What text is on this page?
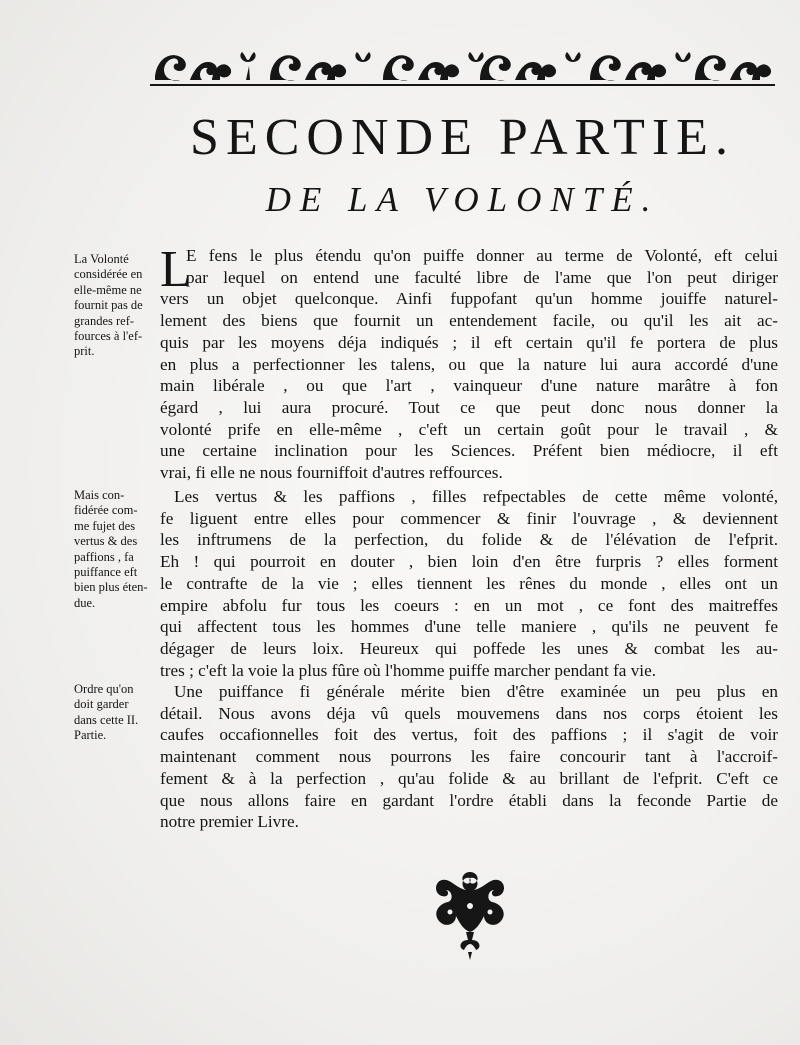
SECONDE PARTIE.
DE LA VOLONTÉ.
La Volonté
considérée en
elle-même ne
fournit pas de
grandes ref-
fources à l'ef-
prit.
Mais con-
fidérée com-
me fujet des
vertus & des
paffions , fa
puiffance eft
bien plus éten-
due.
Ordre qu'on
doit garder
dans cette II.
Partie.
L
E fens le plus étendu qu'on puiffe donner au terme de Volonté, eft celui
par lequel on entend une faculté libre de l'ame que l'on peut diriger
vers un objet quelconque. Ainfi fuppofant qu'un homme jouiffe naturel-
lement des biens que fournit un entendement facile, ou qu'il les ait ac-
quis par les moyens déja indiqués ; il eft certain qu'il fe portera de plus
en plus a perfectionner les talens, ou que la nature lui aura accordé d'une
main libérale , ou que l'art , vainqueur d'une nature marâtre à fon
égard , lui aura procuré. Tout ce que peut donc nous donner la
volonté prife en elle-même , c'eft un certain goût pour le travail , &
une certaine inclination pour les Sciences. Préfent bien médiocre, il eft
vrai, fi elle ne nous fourniffoit d'autres reffources.
Les vertus & les paffions , filles refpectables de cette même volonté,
fe liguent entre elles pour commencer & finir l'ouvrage , & deviennent
les inftrumens de la perfection, du folide & de l'élévation de l'efprit.
Eh ! qui pourroit en douter , bien loin d'en être furpris ? elles forment
le contrafte de la vie ; elles tiennent les rênes du monde , elles ont un
empire abfolu fur tous les coeurs : en un mot , ce font des maitreffes
qui affectent tous les hommes d'une telle maniere , qu'ils ne peuvent fe
dégager de leurs loix. Heureux qui poffede les unes & combat les au-
tres ; c'eft la voie la plus fûre où l'homme puiffe marcher pendant fa vie.
Une puiffance fi générale mérite bien d'être examinée un peu plus en
détail. Nous avons déja vû quels mouvemens dans nos corps étoient les
caufes occafionnelles foit des vertus, foit des paffions ; il s'agit de voir
maintenant comment nous pourrons les faire concourir tant à l'accroif-
fement & à la perfection , qu'au folide & au brillant de l'efprit. C'eft ce
que nous allons faire en gardant l'ordre établi dans la feconde Partie de
notre premier Livre.
